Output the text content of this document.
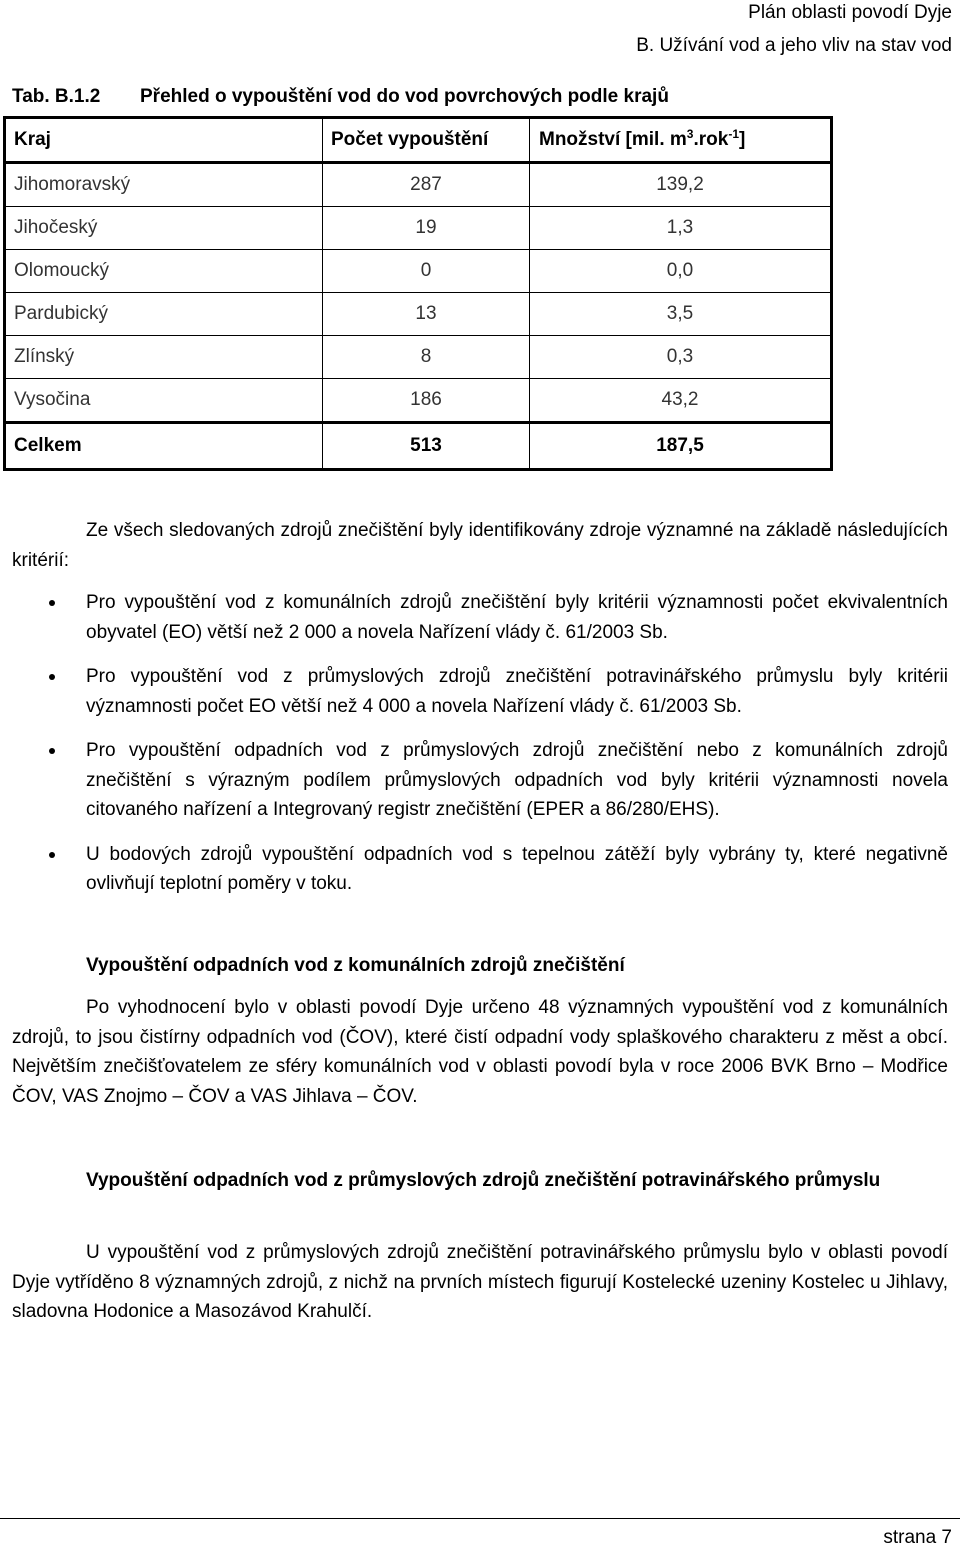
Plán oblasti povodí Dyje
B. Užívání vod a jeho vliv na stav vod
Tab. B.1.2 Přehled o vypouštění vod do vod povrchových podle krajů
Kraj	Počet vypouštění	Množství [mil. $m^3.rok^{-1}$]
Jihomoravský	287	139,2
Jihočeský	19	1,3
Olomoucký	0	0,0
Pardubický	13	3,5
Zlínský	8	0,3
Vysočina	186	43,2
Celkem	513	187,5

Ze všech sledovaných zdrojů znečištění byly identifikovány zdroje významné na základě následujících kritérií:

Pro vypouštění vod z komunálních zdrojů znečištění byly kritérii významnosti počet ekvivalentních obyvatel (EO) větší než 2 000 a novela Nařízení vlády č. 61/2003 Sb.
Pro vypouštění vod z průmyslových zdrojů znečištění potravinářského průmyslu byly kritérii významnosti počet EO větší než 4 000 a novela Nařízení vlády č. 61/2003 Sb.
Pro vypouštění odpadních vod z průmyslových zdrojů znečištění nebo z komunálních zdrojů znečištění s výrazným podílem průmyslových odpadních vod byly kritérii významnosti novela citovaného nařízení a Integrovaný registr znečištění (EPER a 86/280/EHS).
U bodových zdrojů vypouštění odpadních vod s tepelnou zátěží byly vybrány ty, které negativně ovlivňují teplotní poměry v toku.
Vypouštění odpadních vod z komunálních zdrojů znečištění

Po vyhodnocení bylo v oblasti povodí Dyje určeno 48 významných vypouštění vod z komunálních zdrojů, to jsou čistírny odpadních vod (ČOV), které čistí odpadní vody splaškového charakteru z měst a obcí. Největším znečišťovatelem ze sféry komunálních vod v oblasti povodí byla v roce 2006 BVK Brno – Modřice ČOV, VAS Znojmo – ČOV a VAS Jihlava – ČOV.

Vypouštění odpadních vod z průmyslových zdrojů znečištění potravinářského průmyslu

U vypouštění vod z průmyslových zdrojů znečištění potravinářského průmyslu bylo v oblasti povodí Dyje vytříděno 8 významných zdrojů, z nichž na prvních místech figurují Kostelecké uzeniny Kostelec u Jihlavy, sladovna Hodonice a Masozávod Krahulčí.

strana 7
